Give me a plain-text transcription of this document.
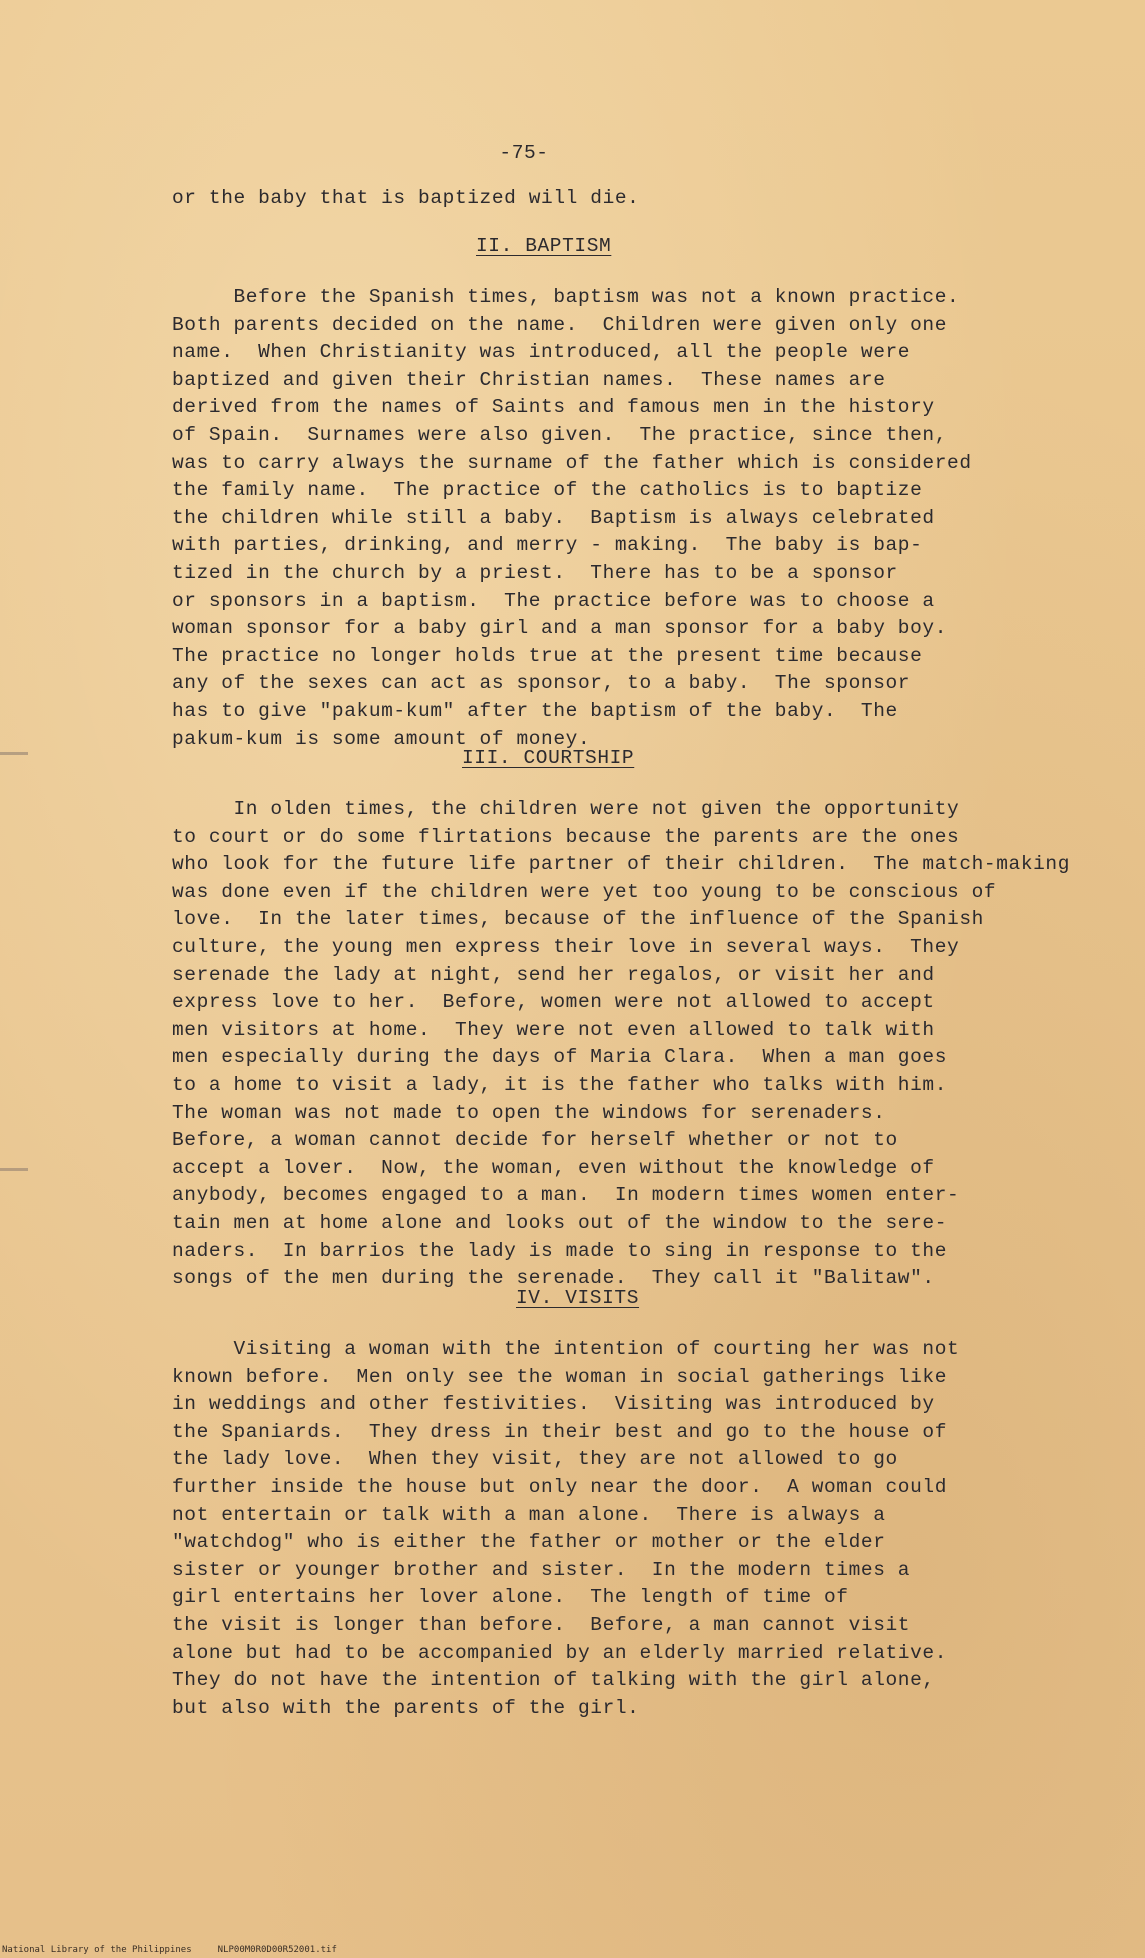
-75-
or the baby that is baptized will die.
II. BAPTISM
Before the Spanish times, baptism was not a known practice.
Both parents decided on the name.  Children were given only one
name.  When Christianity was introduced, all the people were
baptized and given their Christian names.  These names are
derived from the names of Saints and famous men in the history
of Spain.  Surnames were also given.  The practice, since then,
was to carry always the surname of the father which is considered
the family name.  The practice of the catholics is to baptize
the children while still a baby.  Baptism is always celebrated
with parties, drinking, and merry - making.  The baby is bap-
tized in the church by a priest.  There has to be a sponsor
or sponsors in a baptism.  The practice before was to choose a
woman sponsor for a baby girl and a man sponsor for a baby boy.
The practice no longer holds true at the present time because
any of the sexes can act as sponsor, to a baby.  The sponsor
has to give "pakum-kum" after the baptism of the baby.  The
pakum-kum is some amount of money.
III. COURTSHIP
In olden times, the children were not given the opportunity
to court or do some flirtations because the parents are the ones
who look for the future life partner of their children.  The match-making
was done even if the children were yet too young to be conscious of
love.  In the later times, because of the influence of the Spanish
culture, the young men express their love in several ways.  They
serenade the lady at night, send her regalos, or visit her and
express love to her.  Before, women were not allowed to accept
men visitors at home.  They were not even allowed to talk with
men especially during the days of Maria Clara.  When a man goes
to a home to visit a lady, it is the father who talks with him.
The woman was not made to open the windows for serenaders.
Before, a woman cannot decide for herself whether or not to
accept a lover.  Now, the woman, even without the knowledge of
anybody, becomes engaged to a man.  In modern times women enter-
tain men at home alone and looks out of the window to the sere-
naders.  In barrios the lady is made to sing in response to the
songs of the men during the serenade.  They call it "Balitaw".
IV. VISITS
Visiting a woman with the intention of courting her was not
known before.  Men only see the woman in social gatherings like
in weddings and other festivities.  Visiting was introduced by
the Spaniards.  They dress in their best and go to the house of
the lady love.  When they visit, they are not allowed to go
further inside the house but only near the door.  A woman could
not entertain or talk with a man alone.  There is always a
"watchdog" who is either the father or mother or the elder
sister or younger brother and sister.  In the modern times a
girl entertains her lover alone.  The length of time of
the visit is longer than before.  Before, a man cannot visit
alone but had to be accompanied by an elderly married relative.
They do not have the intention of talking with the girl alone,
but also with the parents of the girl.
National Library of the Philippines	NLP00M0R0D00R52001.tif
